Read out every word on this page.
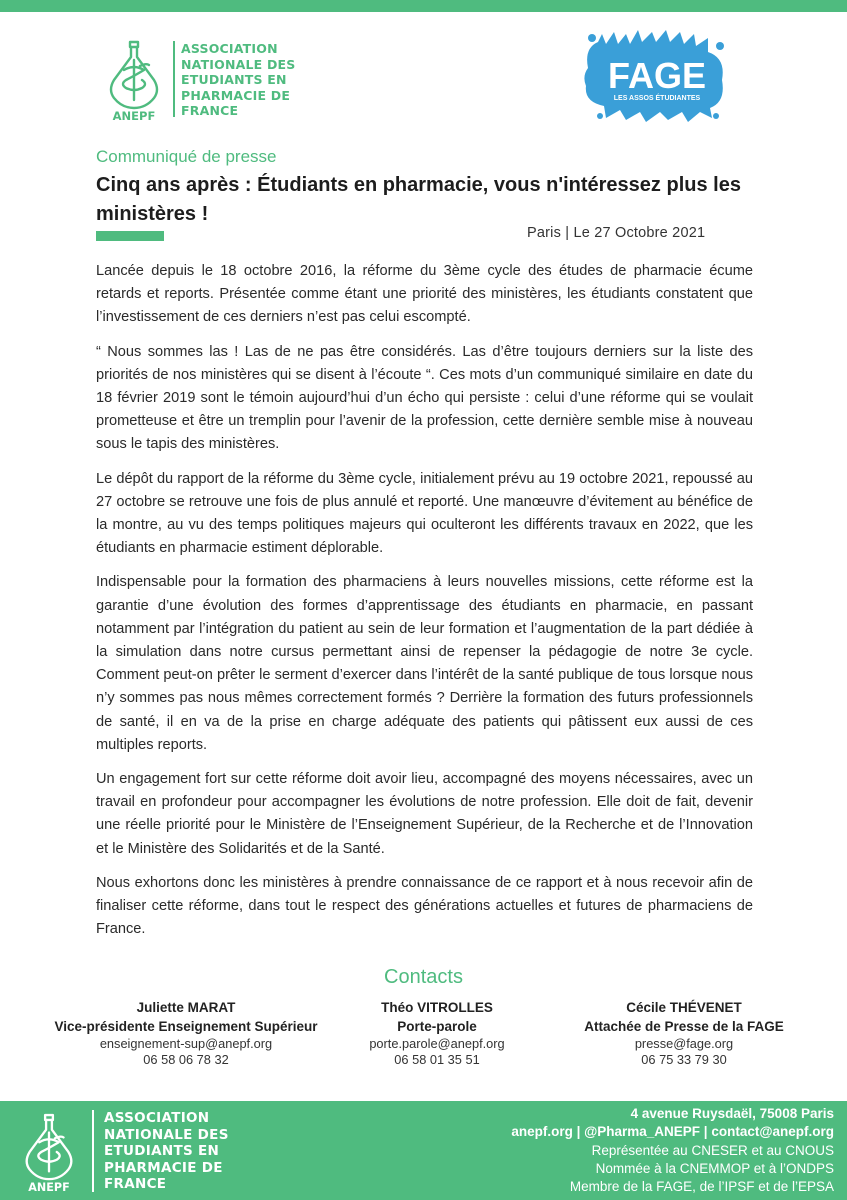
ANEPF
ASSOCIATION
NATIONALE DES
ETUDIANTS EN
PHARMACIE DE
FRANCE
FAGE
LES ASSOS ÉTUDIANTES
Communiqué de presse
Cinq ans après : Étudiants en pharmacie, vous n'intéressez plus les ministères !
Paris | Le 27 Octobre 2021

Lancée depuis le 18 octobre 2016, la réforme du 3ème cycle des études de pharmacie écume retards et reports. Présentée comme étant une priorité des ministères, les étudiants constatent que l’investissement de ces derniers n’est pas celui escompté.

“ Nous sommes las ! Las de ne pas être considérés. Las d’être toujours derniers sur la liste des priorités de nos ministères qui se disent à l’écoute “. Ces mots d’un communiqué similaire en date du 18 février 2019 sont le témoin aujourd’hui d’un écho qui persiste : celui d’une réforme qui se voulait prometteuse et être un tremplin pour l’avenir de la profession, cette dernière semble mise à nouveau sous le tapis des ministères.

Le dépôt du rapport de la réforme du 3ème cycle, initialement prévu au 19 octobre 2021, repoussé au 27 octobre se retrouve une fois de plus annulé et reporté. Une manœuvre d’évitement au bénéfice de la montre, au vu des temps politiques majeurs qui oculteront les différents travaux en 2022, que les étudiants en pharmacie estiment déplorable.

Indispensable pour la formation des pharmaciens à leurs nouvelles missions, cette réforme est la garantie d’une évolution des formes d’apprentissage des étudiants en pharmacie, en passant notamment par l’intégration du patient au sein de leur formation et l’augmentation de la part dédiée à la simulation dans notre cursus permettant ainsi de repenser la pédagogie de notre 3e cycle. Comment peut-on prêter le serment d’exercer dans l’intérêt de la santé publique de tous lorsque nous n’y sommes pas nous mêmes correctement formés ? Derrière la formation des futurs professionnels de santé, il en va de la prise en charge adéquate des patients qui pâtissent eux aussi de ces multiples reports.

Un engagement fort sur cette réforme doit avoir lieu, accompagné des moyens nécessaires, avec un travail en profondeur pour accompagner les évolutions de notre profession. Elle doit de fait, devenir une réelle priorité pour le Ministère de l’Enseignement Supérieur, de la Recherche et de l’Innovation et le Ministère des Solidarités et de la Santé.

Nous exhortons donc les ministères à prendre connaissance de ce rapport et à nous recevoir afin de finaliser cette réforme, dans tout le respect des générations actuelles et futures de pharmaciens de France.

Contacts
Juliette MARAT
Vice-présidente Enseignement Supérieur
enseignement-sup@anepf.org
06 58 06 78 32
Théo VITROLLES
Porte-parole
porte.parole@anepf.org
06 58 01 35 51
Cécile THÉVENET
Attachée de Presse de la FAGE
presse@fage.org
06 75 33 79 30
ANEPF
ASSOCIATION
NATIONALE DES
ETUDIANTS EN
PHARMACIE DE
FRANCE
4 avenue Ruysdaël, 75008 Paris
anepf.org | @Pharma_ANEPF | contact@anepf.org
Représentée au CNESER et au CNOUS
Nommée à la CNEMMOP et à l’ONDPS
Membre de la FAGE, de l’IPSF et de l’EPSA
